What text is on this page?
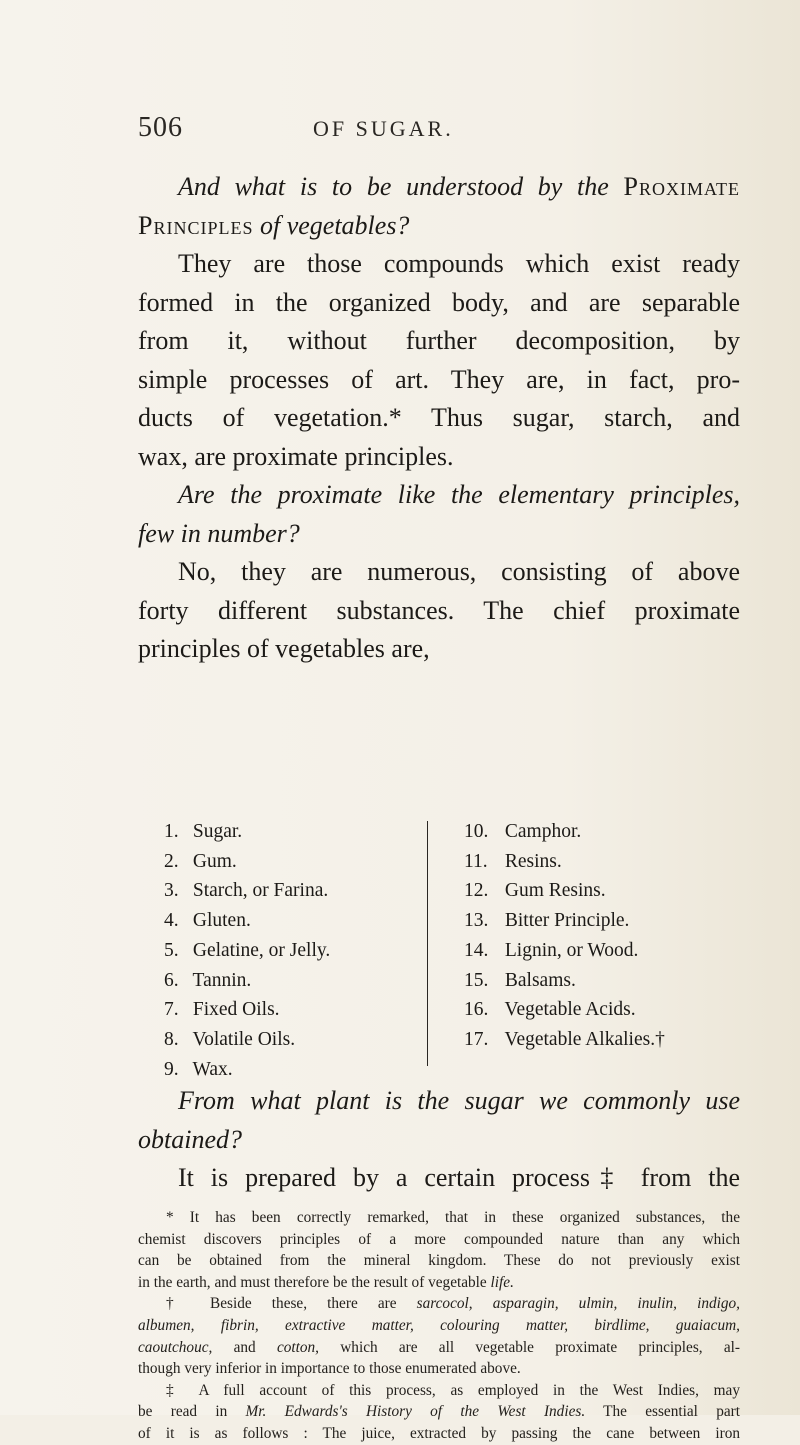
506	OF SUGAR.
And what is to be understood by the Proximate
Principles of vegetables?
They are those compounds which exist ready
formed in the organized body, and are separable
from it, without further decomposition, by
simple processes of art. They are, in fact, pro-
ducts of vegetation.* Thus sugar, starch, and
wax, are proximate principles.
Are the proximate like the elementary principles,
few in number?
No, they are numerous, consisting of above
forty different substances. The chief proximate
principles of vegetables are,
1. Sugar.
2. Gum.
3. Starch, or Farina.
4. Gluten.
5. Gelatine, or Jelly.
6. Tannin.
7. Fixed Oils.
8. Volatile Oils.
9. Wax.
10. Camphor.
11. Resins.
12. Gum Resins.
13. Bitter Principle.
14. Lignin, or Wood.
15. Balsams.
16. Vegetable Acids.
17. Vegetable Alkalies.†
From what plant is the sugar we commonly use
obtained?
It is prepared by a certain process‡ from the
* It has been correctly remarked, that in these organized substances, the
chemist discovers principles of a more compounded nature than any which
can be obtained from the mineral kingdom. These do not previously exist
in the earth, and must therefore be the result of vegetable life.
† Beside these, there are sarcocol, asparagin, ulmin, inulin, indigo,
albumen, fibrin, extractive matter, colouring matter, birdlime, guaiacum,
caoutchouc, and cotton, which are all vegetable proximate principles, al-
though very inferior in importance to those enumerated above.
‡ A full account of this process, as employed in the West Indies, may
be read in Mr. Edwards's History of the West Indies. The essential part
of it is as follows : The juice, extracted by passing the cane between iron
